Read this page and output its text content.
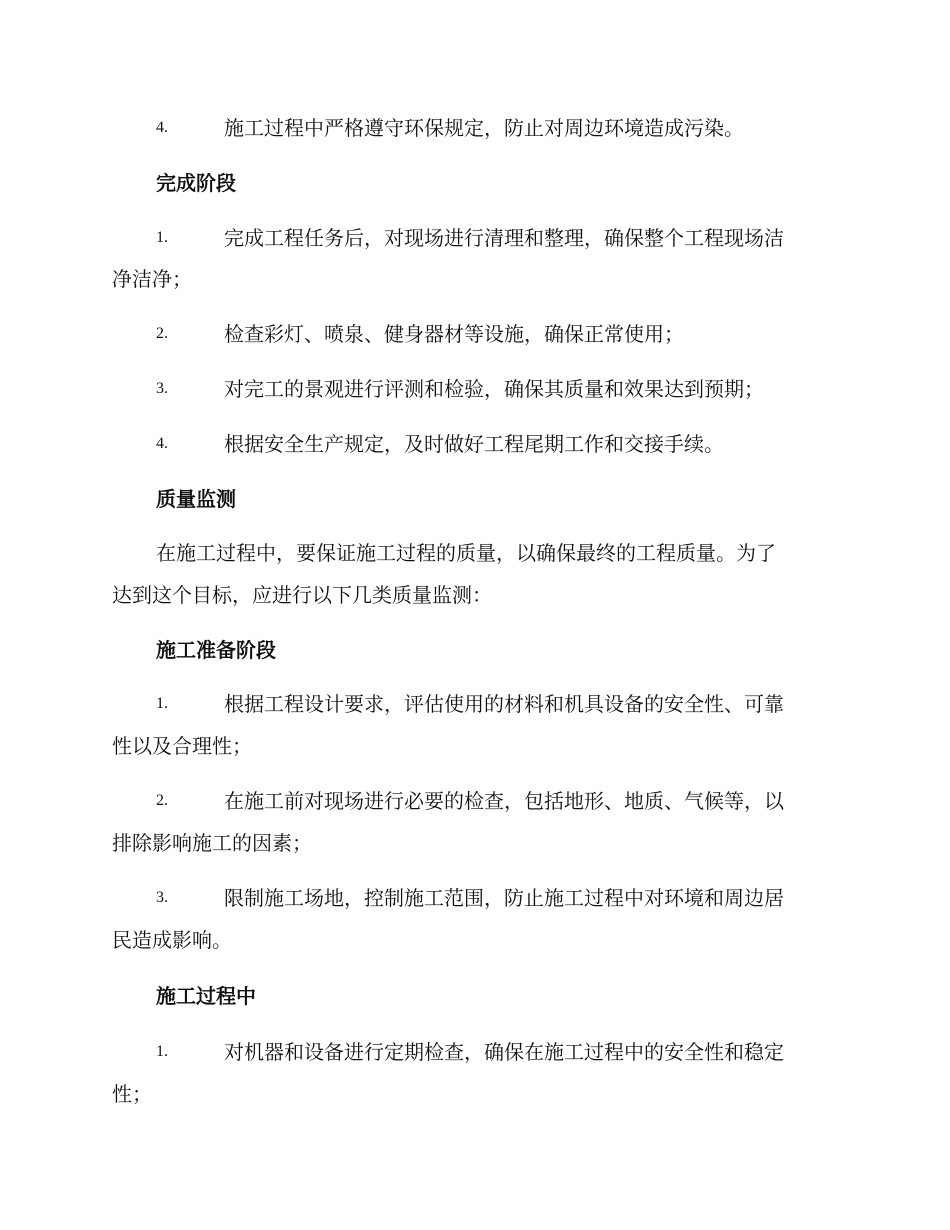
4.	施工过程中严格遵守环保规定，防止对周边环境造成污染。
完成阶段
1.	完成工程任务后，对现场进行清理和整理，确保整个工程现场洁
净洁净；
2.	检查彩灯、喷泉、健身器材等设施，确保正常使用；
3.	对完工的景观进行评测和检验，确保其质量和效果达到预期；
4.	根据安全生产规定，及时做好工程尾期工作和交接手续。
质量监测
在施工过程中，要保证施工过程的质量，以确保最终的工程质量。为了
达到这个目标，应进行以下几类质量监测：
施工准备阶段
1.	根据工程设计要求，评估使用的材料和机具设备的安全性、可靠
性以及合理性；
2.	在施工前对现场进行必要的检查，包括地形、地质、气候等，以
排除影响施工的因素；
3.	限制施工场地，控制施工范围，防止施工过程中对环境和周边居
民造成影响。
施工过程中
1.	对机器和设备进行定期检查，确保在施工过程中的安全性和稳定
性；
